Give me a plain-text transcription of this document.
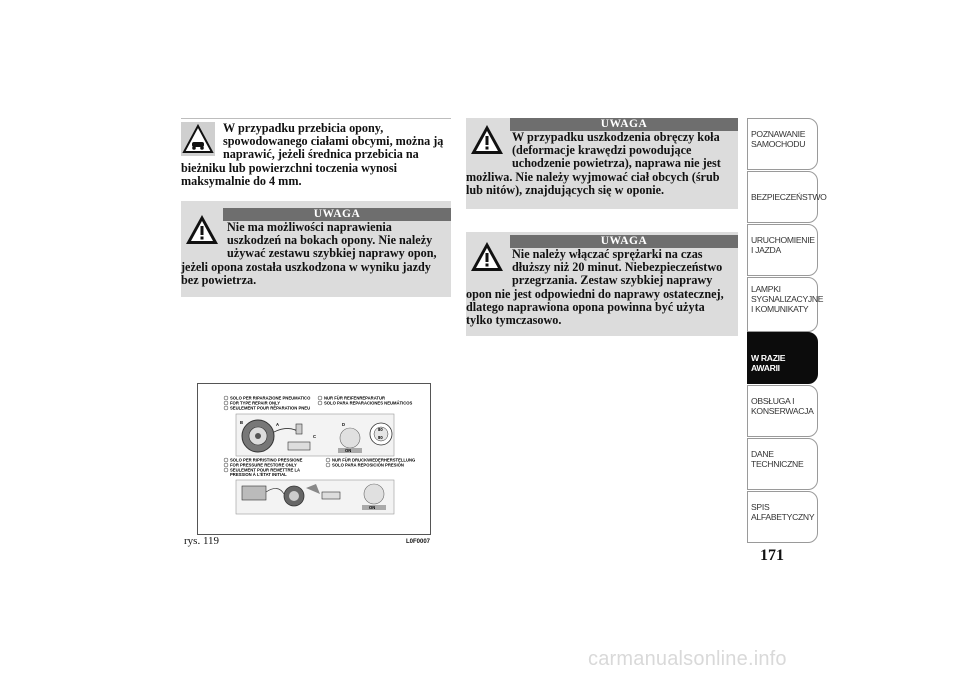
W przypadku przebicia opony, spowodowanego ciałami obcymi, można ją naprawić, jeżeli średnica przebicia na bieżniku lub powierzchni toczenia wynosi maksymalnie do 4 mm.
UWAGA
Nie ma możliwości naprawienia uszkodzeń na bokach opony. Nie należy używać zestawu szybkiej naprawy opon, jeżeli opona została uszkodzona w wyniku jazdy bez powietrza.
UWAGA
W przypadku uszkodzenia obręczy koła (deformacje krawędzi powodujące uchodzenie powietrza), naprawa nie jest możliwa. Nie należy wyjmować ciał obcych (śrub lub nitów), znajdujących się w oponie.
UWAGA
Nie należy włączać sprężarki na czas dłuższy niż 20 minut. Niebezpieczeństwo przegrzania. Zestaw szybkiej naprawy opon nie jest odpowiedni do naprawy ostatecznej, dlatego naprawiona opona powinna być użyta tylko tymczasowo.
SOLO PER RIPARAZIONE PNEUMATICO
FOR TYPE REPAIR ONLY
SEULEMENT POUR RÉPARATION PNEU
NUR FÜR REIFENREPARATUR
SOLO PARA REPARACIONES NEUMÁTICOS
B	A
C
D
ON
80
80
SOLO PER RIPRISTINO PRESSIONE
FOR PRESSURE RESTORE ONLY
SEULEMENT POUR REMETTRE LA
PRESSION À L'ÉTAT INITIAL
NUR FÜR DRUCKWIEDERHERSTELLUNG
SOLO PARA REPOSICIÓN PRESIÓN
ON
rys. 119	L0F0007
POZNAWANIE SAMOCHODU
BEZPIECZEŃSTWO
URUCHOMIENIE I JAZDA
LAMPKI SYGNALIZACYJNE I KOMUNIKATY
W RAZIE AWARII
OBSŁUGA I KONSERWACJA
DANE TECHNICZNE
SPIS ALFABETYCZNY
171
carmanualsonline.info
